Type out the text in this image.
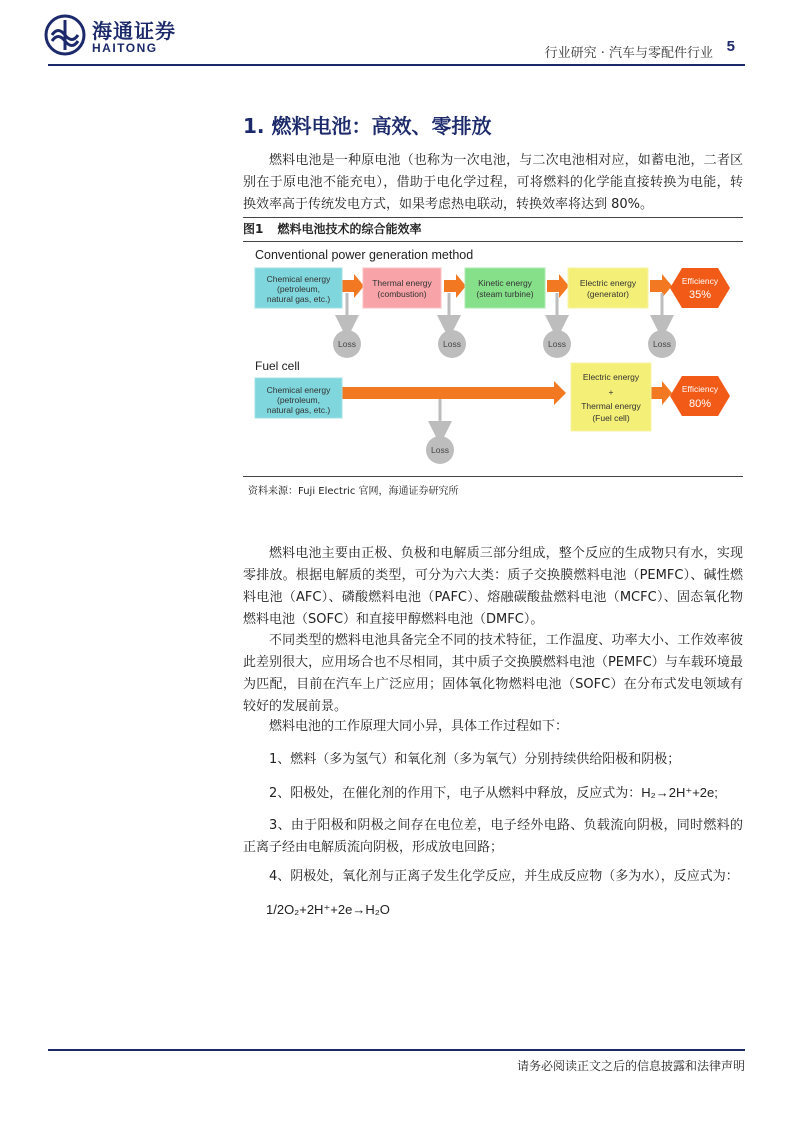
海通证券
HAITONG	行业研究 · 汽车与零配件行业 5
1. 燃料电池：高效、零排放

燃料电池是一种原电池（也称为一次电池，与二次电池相对应，如蓄电池，二者区别在于原电池不能充电），借助于电化学过程，可将燃料的化学能直接转换为电能，转换效率高于传统发电方式，如果考虑热电联动，转换效率将达到 80%。

图1 燃料电池技术的综合能效率
Conventional power generation method
Chemical energy
(petroleum,
natural gas, etc.)
Thermal energy
(combustion)
Kinetic energy
(steam turbine)
Electric energy
(generator)
Efficiency
35%
Loss	Loss	Loss	Loss
Fuel cell
Chemical energy
(petroleum,
natural gas, etc.)
Electric energy
+
Thermal energy
(Fuel cell)
Efficiency
80%
Loss
资料来源：Fuji Electric 官网，海通证券研究所

燃料电池主要由正极、负极和电解质三部分组成，整个反应的生成物只有水，实现零排放。根据电解质的类型，可分为六大类：质子交换膜燃料电池（PEMFC）、碱性燃料电池（AFC）、磷酸燃料电池（PAFC）、熔融碳酸盐燃料电池（MCFC）、固态氧化物燃料电池（SOFC）和直接甲醇燃料电池（DMFC）。

不同类型的燃料电池具备完全不同的技术特征，工作温度、功率大小、工作效率彼此差别很大，应用场合也不尽相同，其中质子交换膜燃料电池（PEMFC）与车载环境最为匹配，目前在汽车上广泛应用；固体氧化物燃料电池（SOFC）在分布式发电领域有较好的发展前景。

燃料电池的工作原理大同小异，具体工作过程如下：
1、燃料（多为氢气）和氧化剂（多为氧气）分别持续供给阳极和阴极；
2、阳极处，在催化剂的作用下，电子从燃料中释放，反应式为：H₂→2H⁺+2e;

3、由于阳极和阴极之间存在电位差，电子经外电路、负载流向阴极，同时燃料的正离子经由电解质流向阴极，形成放电回路；

4、阴极处，氧化剂与正离子发生化学反应，并生成反应物（多为水），反应式为：
1/2O₂+2H⁺+2e→H₂O
请务必阅读正文之后的信息披露和法律声明
